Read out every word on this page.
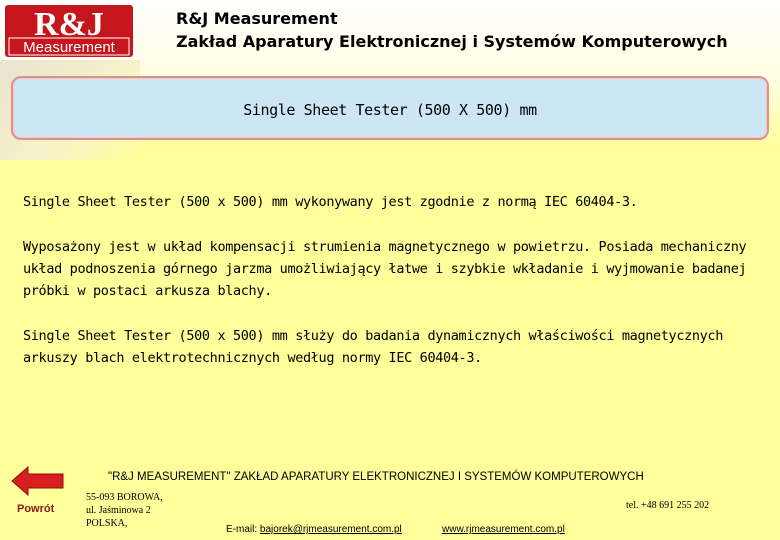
R&J
Measurement
R&J Measurement
Zakład Aparatury Elektronicznej i Systemów Komputerowych
Single Sheet Tester (500 X 500) mm
Single Sheet Tester (500 x 500) mm wykonywany jest zgodnie z normą IEC 60404-3.
Wyposażony jest w układ kompensacji strumienia magnetycznego w powietrzu. Posiada mechaniczny układ podnoszenia górnego jarzma umożliwiający łatwe i szybkie wkładanie i wyjmowanie badanej próbki w postaci arkusza blachy.
Single Sheet Tester (500 x 500) mm służy do badania dynamicznych właściwości magnetycznych arkuszy blach elektrotechnicznych według normy IEC 60404-3.
"R&J MEASUREMENT" ZAKŁAD APARATURY ELEKTRONICZNEJ I SYSTEMÓW KOMPUTEROWYCH
Powrót
55-093 BOROWA,
ul. Jaśminowa 2
POLSKA,
tel. +48 691 255 202
E-mail: bajorek@rjmeasurement.com.pl	www.rjmeasurement.com.pl
